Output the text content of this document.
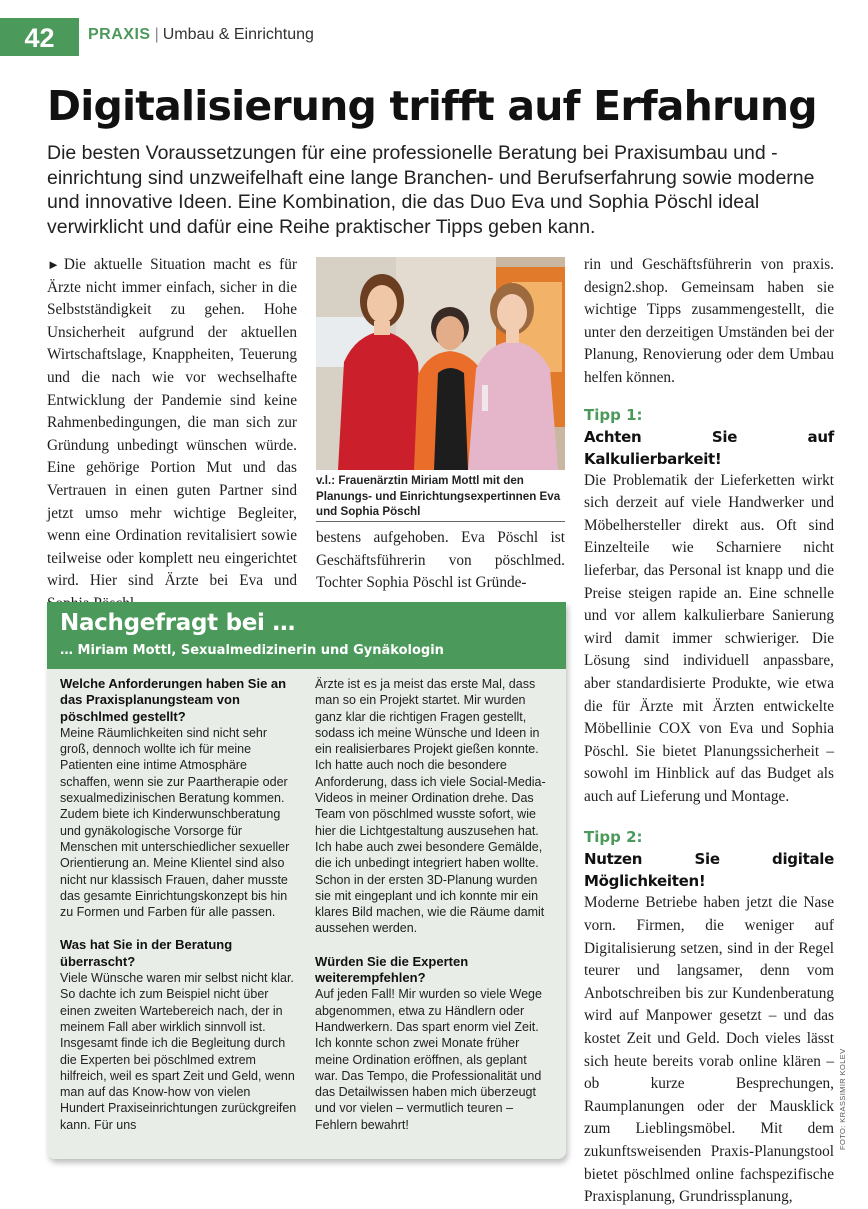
42	PRAXIS | Umbau & Einrichtung
Digitalisierung trifft auf Erfahrung

Die besten Voraussetzungen für eine professionelle Beratung bei Praxisumbau und -einrichtung sind unzweifelhaft eine lange Branchen- und Berufserfahrung sowie moderne und innovative Ideen. Eine Kombination, die das Duo Eva und Sophia Pöschl ideal verwirklicht und dafür eine Reihe praktischer Tipps geben kann.

► Die aktuelle Situation macht es für Ärzte nicht immer einfach, sicher in die Selbstständigkeit zu gehen. Hohe Unsicherheit aufgrund der aktuellen Wirtschaftslage, Knappheiten, Teuerung und die nach wie vor wechselhafte Entwicklung der Pandemie sind keine Rahmenbedingungen, die man sich zur Gründung unbedingt wünschen würde. Eine gehörige Portion Mut und das Vertrauen in einen guten Partner sind jetzt umso mehr wichtige Begleiter, wenn eine Ordination revitalisiert sowie teilweise oder komplett neu eingerichtet wird. Hier sind Ärzte bei Eva und

v.l.: Frauenärztin Miriam Mottl mit den Planungs- und Einrichtungsexpertinnen Eva und Sophia Pöschl

bestens aufgehoben. Eva Pöschl ist Geschäftsführerin von pöschlmed. Tochter Sophia Pöschl ist Gründe-

rin und Geschäftsführerin von praxis. design2.shop. Gemeinsam haben sie wichtige Tipps zusammengestellt, die unter den derzeitigen Umständen bei der Planung, Renovierung oder dem Umbau helfen können.

Tipp 1:
Achten Sie auf Kalkulierbarkeit!

Die Problematik der Lieferketten wirkt sich derzeit auf viele Handwerker und Möbelhersteller direkt aus. Oft sind Einzelteile wie Scharniere nicht lieferbar, das Personal ist knapp und die Preise steigen rapide an. Eine schnelle und vor allem kalkulierbare Sanierung wird damit immer schwieriger. Die Lösung sind individuell anpassbare, aber standardisierte Produkte, wie etwa die für Ärzte mit Ärzten entwickelte Möbellinie COX von Eva und Sophia Pöschl. Sie bietet Planungssicherheit – sowohl im Hinblick auf das Budget als auch auf Lieferung und Montage.

Tipp 2:
Nutzen Sie digitale Möglichkeiten!

Moderne Betriebe haben jetzt die Nase vorn. Firmen, die weniger auf Digitalisierung setzen, sind in der Regel teurer und langsamer, denn vom Anbotschreiben bis zur Kundenberatung wird auf Manpower gesetzt – und das kostet Zeit und Geld. Doch vieles lässt sich heute bereits vorab online klären – ob kurze Besprechungen, Raumplanungen oder der Mausklick zum Lieblingsmöbel. Mit dem zukunftsweisenden Praxis-Planungstool bietet pöschlmed online fachspezifische Praxisplanung, Grundrissplanung,

Nachgefragt bei …
… Miriam Mottl, Sexualmedizinerin und Gynäkologin

Welche Anforderungen haben Sie an das Praxisplanungsteam von pöschlmed gestellt?

Meine Räumlichkeiten sind nicht sehr groß, dennoch wollte ich für meine Patienten eine intime Atmosphäre schaffen, wenn sie zur Paartherapie oder sexualmedizinischen Beratung kommen. Zudem biete ich Kinderwunschberatung und gynäkologische Vorsorge für Menschen mit unterschiedlicher sexueller Orientierung an. Meine Klientel sind also nicht nur klassisch Frauen, daher musste das gesamte Einrichtungskonzept bis hin zu Formen und Farben für alle passen.

Was hat Sie in der Beratung überrascht?

Viele Wünsche waren mir selbst nicht klar. So dachte ich zum Beispiel nicht über einen zweiten Wartebereich nach, der in meinem Fall aber wirklich sinnvoll ist. Insgesamt finde ich die Begleitung durch die Experten bei pöschlmed extrem hilfreich, weil es spart Zeit und Geld, wenn man auf das Know-how von vielen Hundert Praxiseinrichtungen zurückgreifen kann. Für uns

Ärzte ist es ja meist das erste Mal, dass man so ein Projekt startet. Mir wurden ganz klar die richtigen Fragen gestellt, sodass ich meine Wünsche und Ideen in ein realisierbares Projekt gießen konnte. Ich hatte auch noch die besondere Anforderung, dass ich viele Social-Media-Videos in meiner Ordination drehe. Das Team von pöschlmed wusste sofort, wie hier die Lichtgestaltung auszusehen hat. Ich habe auch zwei besondere Gemälde, die ich unbedingt integriert haben wollte. Schon in der ersten 3D-Planung wurden sie mit eingeplant und ich konnte mir ein klares Bild machen, wie die Räume damit aussehen werden.

Würden Sie die Experten weiterempfehlen?

Auf jeden Fall! Mir wurden so viele Wege abgenommen, etwa zu Händlern oder Handwerkern. Das spart enorm viel Zeit. Ich konnte schon zwei Monate früher meine Ordination eröffnen, als geplant war. Das Tempo, die Professionalität und das Detailwissen haben mich überzeugt und vor vielen – vermutlich teuren – Fehlern bewahrt!	FOTO: KRASSIMIR KOLEV
